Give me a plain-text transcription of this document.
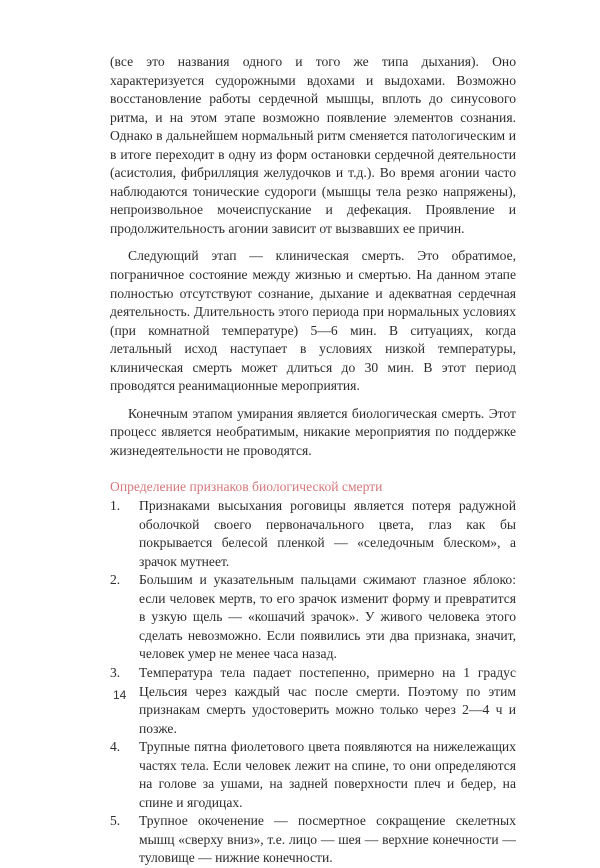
(все это названия одного и того же типа дыхания). Оно характеризуется судорожными вдохами и выдохами. Возможно восстановление работы сердечной мышцы, вплоть до синусового ритма, и на этом этапе возможно появление элементов сознания. Однако в дальнейшем нормальный ритм сменяется патологическим и в итоге переходит в одну из форм остановки сердечной деятельности (асистолия, фибрилляция желудочков и т.д.). Во время агонии часто наблюдаются тонические судороги (мышцы тела резко напряжены), непроизвольное мочеиспускание и дефекация. Проявление и продолжительность агонии зависит от вызвавших ее причин.

Следующий этап — клиническая смерть. Это обратимое, пограничное состояние между жизнью и смертью. На данном этапе полностью отсутствуют сознание, дыхание и адекватная сердечная деятельность. Длительность этого периода при нормальных условиях (при комнатной температуре) 5—6 мин. В ситуациях, когда летальный исход наступает в условиях низкой температуры, клиническая смерть может длиться до 30 мин. В этот период проводятся реанимационные мероприятия.

Конечным этапом умирания является биологическая смерть. Этот процесс является необратимым, никакие мероприятия по поддержке жизнедеятельности не проводятся.

Определение признаков биологической смерти
1. Признаками высыхания роговицы является потеря радужной оболочкой своего первоначального цвета, глаз как бы покрывается белесой пленкой — «селедочным блеском», а зрачок мутнеет.
2. Большим и указательным пальцами сжимают глазное яблоко: если человек мертв, то его зрачок изменит форму и превратится в узкую щель — «кошачий зрачок». У живого человека этого сделать невозможно. Если появились эти два признака, значит, человек умер не менее часа назад.
3. Температура тела падает постепенно, примерно на 1 градус Цельсия через каждый час после смерти. Поэтому по этим признакам смерть удостоверить можно только через 2—4 ч и позже.
4. Трупные пятна фиолетового цвета появляются на нижележащих частях тела. Если человек лежит на спине, то они определяются на голове за ушами, на задней поверхности плеч и бедер, на спине и ягодицах.
5. Трупное окоченение — посмертное сокращение скелетных мышц «сверху вниз», т.е. лицо — шея — верхние конечности — туловище — нижние конечности.
14
